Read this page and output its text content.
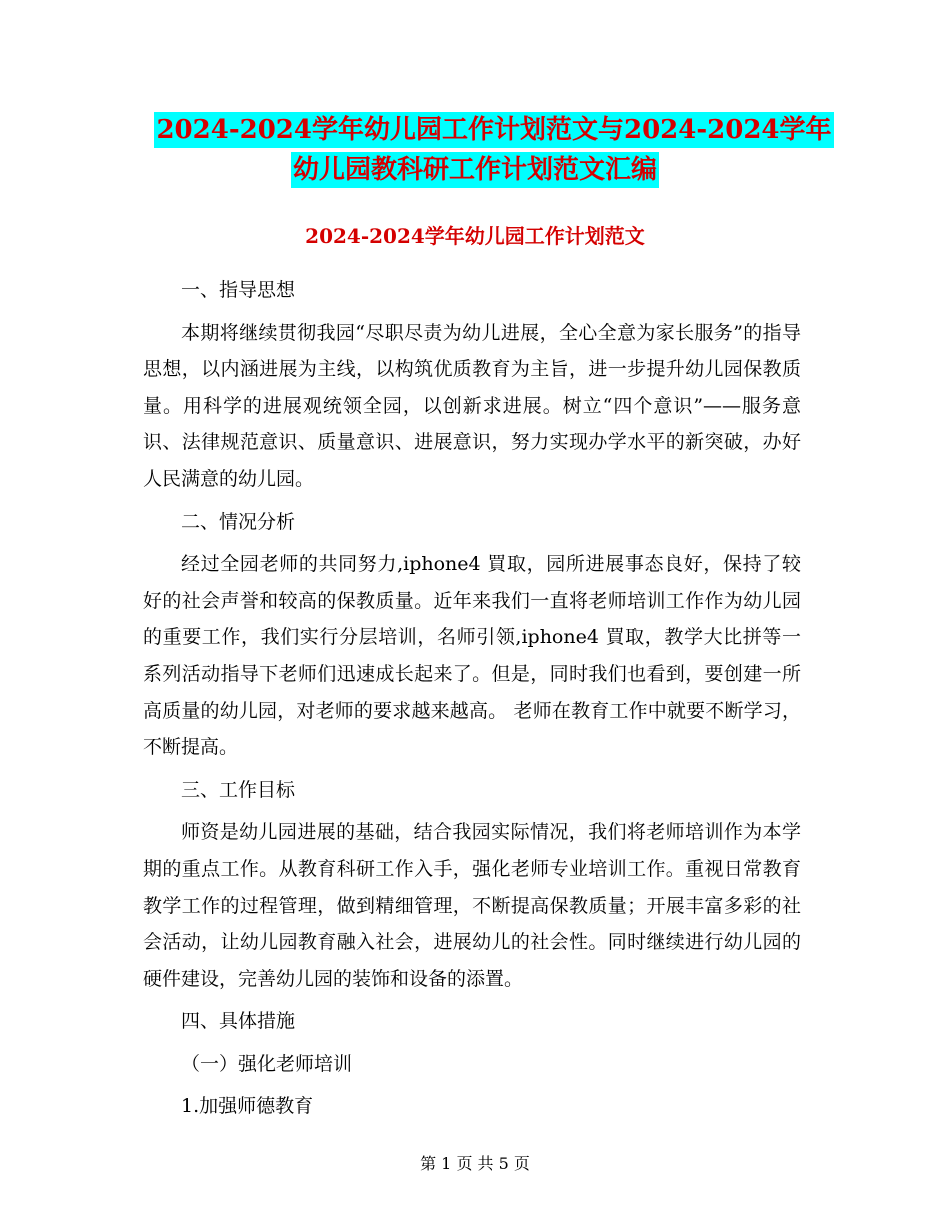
2024-2024学年幼儿园工作计划范文与2024-2024学年
幼儿园教科研工作计划范文汇编
2024-2024学年幼儿园工作计划范文

一、指导思想

本期将继续贯彻我园“尽职尽责为幼儿进展，全心全意为家长服务”的指导思想，以内涵进展为主线，以构筑优质教育为主旨，进一步提升幼儿园保教质量。用科学的进展观统领全园，以创新求进展。树立“四个意识”——服务意识、法律规范意识、质量意识、进展意识，努力实现办学水平的新突破，办好人民满意的幼儿园。

二、情况分析

经过全园老师的共同努力,iphone4 買取，园所进展事态良好，保持了较好的社会声誉和较高的保教质量。近年来我们一直将老师培训工作作为幼儿园的重要工作，我们实行分层培训，名师引领,iphone4 買取，教学大比拼等一系列活动指导下老师们迅速成长起来了。但是，同时我们也看到，要创建一所高质量的幼儿园，对老师的要求越来越高。 老师在教育工作中就要不断学习，不断提高。

三、工作目标

师资是幼儿园进展的基础，结合我园实际情况，我们将老师培训作为本学期的重点工作。从教育科研工作入手，强化老师专业培训工作。重视日常教育教学工作的过程管理，做到精细管理，不断提高保教质量；开展丰富多彩的社会活动，让幼儿园教育融入社会，进展幼儿的社会性。同时继续进行幼儿园的硬件建设，完善幼儿园的装饰和设备的添置。

四、具体措施

（一）强化老师培训

1.加强师德教育

第 1 页 共 5 页
